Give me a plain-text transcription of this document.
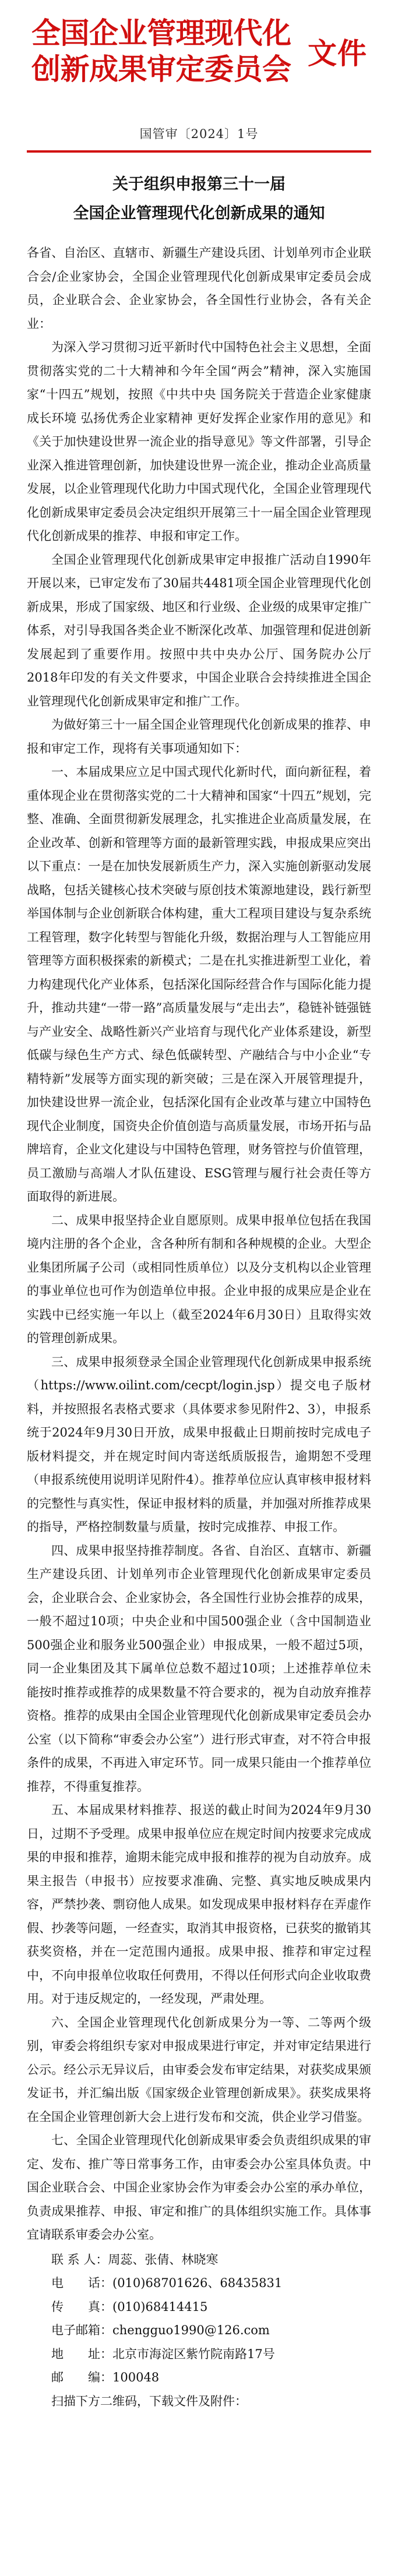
全国企业管理现代化
创新成果审定委员会 文件
国管审〔2024〕1号
关于组织申报第三十一届
全国企业管理现代化创新成果的通知

各省、自治区、直辖市、新疆生产建设兵团、计划单列市企业联合会/企业家协会，全国企业管理现代化创新成果审定委员会成员，企业联合会、企业家协会，各全国性行业协会，各有关企业：

为深入学习贯彻习近平新时代中国特色社会主义思想，全面贯彻落实党的二十大精神和今年全国“两会”精神，深入实施国家“十四五”规划，按照《中共中央 国务院关于营造企业家健康成长环境 弘扬优秀企业家精神 更好发挥企业家作用的意见》和《关于加快建设世界一流企业的指导意见》等文件部署，引导企业深入推进管理创新，加快建设世界一流企业，推动企业高质量发展，以企业管理现代化助力中国式现代化，全国企业管理现代化创新成果审定委员会决定组织开展第三十一届全国企业管理现代化创新成果的推荐、申报和审定工作。

全国企业管理现代化创新成果审定申报推广活动自1990年开展以来，已审定发布了30届共4481项全国企业管理现代化创新成果，形成了国家级、地区和行业级、企业级的成果审定推广体系，对引导我国各类企业不断深化改革、加强管理和促进创新发展起到了重要作用。按照中共中央办公厅、国务院办公厅2018年印发的有关文件要求，中国企业联合会持续推进全国企业管理现代化创新成果审定和推广工作。

为做好第三十一届全国企业管理现代化创新成果的推荐、申报和审定工作，现将有关事项通知如下：

一、本届成果应立足中国式现代化新时代，面向新征程，着重体现企业在贯彻落实党的二十大精神和国家“十四五”规划，完整、准确、全面贯彻新发展理念，扎实推进企业高质量发展，在企业改革、创新和管理等方面的最新管理实践，申报成果应突出以下重点：一是在加快发展新质生产力，深入实施创新驱动发展战略，包括关键核心技术突破与原创技术策源地建设，践行新型举国体制与企业创新联合体构建，重大工程项目建设与复杂系统工程管理，数字化转型与智能化升级，数据治理与人工智能应用管理等方面积极探索的新模式；二是在扎实推进新型工业化，着力构建现代化产业体系，包括深化国际经营合作与国际化能力提升，推动共建“一带一路”高质量发展与“走出去”，稳链补链强链与产业安全、战略性新兴产业培育与现代化产业体系建设，新型低碳与绿色生产方式、绿色低碳转型、产融结合与中小企业“专精特新”发展等方面实现的新突破；三是在深入开展管理提升，加快建设世界一流企业，包括深化国有企业改革与建立中国特色现代企业制度，国资央企价值创造与高质量发展，市场开拓与品牌培育，企业文化建设与中国特色管理，财务管控与价值管理，员工激励与高端人才队伍建设、ESG管理与履行社会责任等方面取得的新进展。

二、成果申报坚持企业自愿原则。成果申报单位包括在我国境内注册的各个企业，含各种所有制和各种规模的企业。大型企业集团所属子公司（或相同性质单位）以及分支机构以企业管理的事业单位也可作为创造单位申报。企业申报的成果应是企业在实践中已经实施一年以上（截至2024年6月30日）且取得实效的管理创新成果。

三、成果申报须登录全国企业管理现代化创新成果申报系统（https://www.oilint.com/cecpt/login.jsp）提交电子版材料，并按照报名表格式要求（具体要求参见附件2、3），申报系统于2024年9月30日开放，成果申报截止日期前按时完成电子版材料提交，并在规定时间内寄送纸质版报告，逾期恕不受理（申报系统使用说明详见附件4）。推荐单位应认真审核申报材料的完整性与真实性，保证申报材料的质量，并加强对所推荐成果的指导，严格控制数量与质量，按时完成推荐、申报工作。

四、成果申报坚持推荐制度。各省、自治区、直辖市、新疆生产建设兵团、计划单列市企业管理现代化创新成果审定委员会，企业联合会、企业家协会，各全国性行业协会推荐的成果，一般不超过10项；中央企业和中国500强企业（含中国制造业500强企业和服务业500强企业）申报成果，一般不超过5项，同一企业集团及其下属单位总数不超过10项；上述推荐单位未能按时推荐或推荐的成果数量不符合要求的，视为自动放弃推荐资格。推荐的成果由全国企业管理现代化创新成果审定委员会办公室（以下简称“审委会办公室”）进行形式审查，对不符合申报条件的成果，不再进入审定环节。同一成果只能由一个推荐单位推荐，不得重复推荐。

五、本届成果材料推荐、报送的截止时间为2024年9月30日，过期不予受理。成果申报单位应在规定时间内按要求完成成果的申报和推荐，逾期未能完成申报和推荐的视为自动放弃。成果主报告（申报书）应按要求准确、完整、真实地反映成果内容，严禁抄袭、剽窃他人成果。如发现成果申报材料存在弄虚作假、抄袭等问题，一经查实，取消其申报资格，已获奖的撤销其获奖资格，并在一定范围内通报。成果申报、推荐和审定过程中，不向申报单位收取任何费用，不得以任何形式向企业收取费用。对于违反规定的，一经发现，严肃处理。

六、全国企业管理现代化创新成果分为一等、二等两个级别，审委会将组织专家对申报成果进行审定，并对审定结果进行公示。经公示无异议后，由审委会发布审定结果，对获奖成果颁发证书，并汇编出版《国家级企业管理创新成果》。获奖成果将在全国企业管理创新大会上进行发布和交流，供企业学习借鉴。

七、全国企业管理现代化创新成果审委会负责组织成果的审定、发布、推广等日常事务工作，由审委会办公室具体负责。中国企业联合会、中国企业家协会作为审委会办公室的承办单位，负责成果推荐、申报、审定和推广的具体组织实施工作。具体事宜请联系审委会办公室。

联 系 人： 周蕊、张倩、林晓寒
电　　话： (010)68701626、68435831
传　　真： (010)68414415
电子邮箱： chengguo1990@126.com
地　　址： 北京市海淀区紫竹院南路17号
邮　　编： 100048
扫描下方二维码，下载文件及附件：
